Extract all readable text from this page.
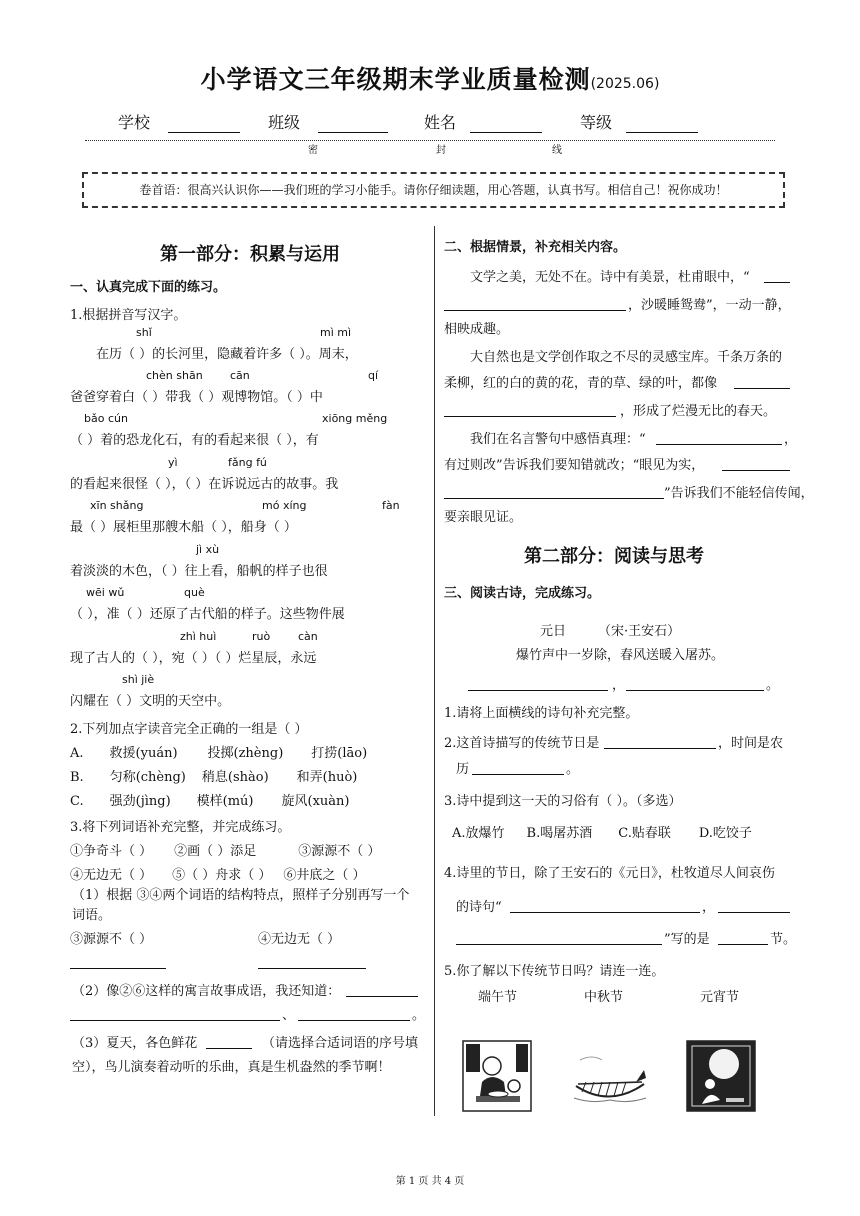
小学语文三年级期末学业质量检测(2025.06)
学校	班级	姓名	等级
密	封	线
卷首语：很高兴认识你——我们班的学习小能手。请你仔细读题，用心答题，认真书写。相信自己！祝你成功！
第一部分：积累与运用
一、认真完成下面的练习。
1.根据拼音写汉字。
shǐ	mì mì
在历（ ）的长河里，隐藏着许多（ ）。周末，
chèn shān cān	qí
爸爸穿着白（ ）带我（ ）观博物馆。（ ）中
bǎo cún	xiōng měng
（ ）着的恐龙化石，有的看起来很（ ），有
yì	fǎng fú
的看起来很怪（ ），（ ）在诉说远古的故事。我
xīn shǎng	mó xíng	fàn
最（ ）展柜里那艘木船（ ），船身（ ）
jì xù
着淡淡的木色，（ ）往上看，船帆的样子也很
wēi wǔ	què
（ ），准（ ）还原了古代船的样子。这些物件展
zhì huì	ruò	càn
现了古人的（ ），宛（ ）（ ）烂星辰，永远
shì jiè
闪耀在（ ）文明的天空中。
2.下列加点字读音完全正确的一组是（ ）
A. 救援(yuán) 投掷(zhèng) 打捞(lāo)
B. 匀称(chèng) 稍息(shào) 和弄(huò)
C. 强劲(jìng) 模样(mú) 旋风(xuàn)
3.将下列词语补充完整，并完成练习。
①争奇斗（ ） ②画（ ）添足	③源源不（ ）
④无边无（ ） ⑤（ ）舟求（ ） ⑥井底之（ ）
（1）根据 ③④两个词语的结构特点，照样子分别再写一个词语。
③源源不（ ）	④无边无（ ）
（2）像②⑥这样的寓言故事成语，我还知道：
、	。
（3）夏天，各色鲜花	（请选择合适词语的序号填
空），鸟儿演奏着动听的乐曲，真是生机盎然的季节啊！
二、根据情景，补充相关内容。
文学之美，无处不在。诗中有美景，杜甫眼中，“
，沙暖睡鸳鸯”，一动一静，
相映成趣。
大自然也是文学创作取之不尽的灵感宝库。千条万条的
柔柳，红的白的黄的花，青的草、绿的叶，都像
，形成了烂漫无比的春天。
我们在名言警句中感悟真理：“	，
有过则改”告诉我们要知错就改；“眼见为实，
”告诉我们不能轻信传闻，
要亲眼见证。
第二部分：阅读与思考
三、阅读古诗，完成练习。
元日 （宋·王安石）
爆竹声中一岁除，春风送暖入屠苏。
，	。
1.请将上面横线的诗句补充完整。
2.这首诗描写的传统节日是	，时间是农
历	。
3.诗中提到这一天的习俗有（ ）。（多选）
A.放爆竹 B.喝屠苏酒 C.贴春联 D.吃饺子
4.诗里的节日，除了王安石的《元日》，杜牧道尽人间哀伤
的诗句“	，
”写的是	节。
5.你了解以下传统节日吗？请连一连。
端午节	中秋节	元宵节
第 1 页 共 4 页
